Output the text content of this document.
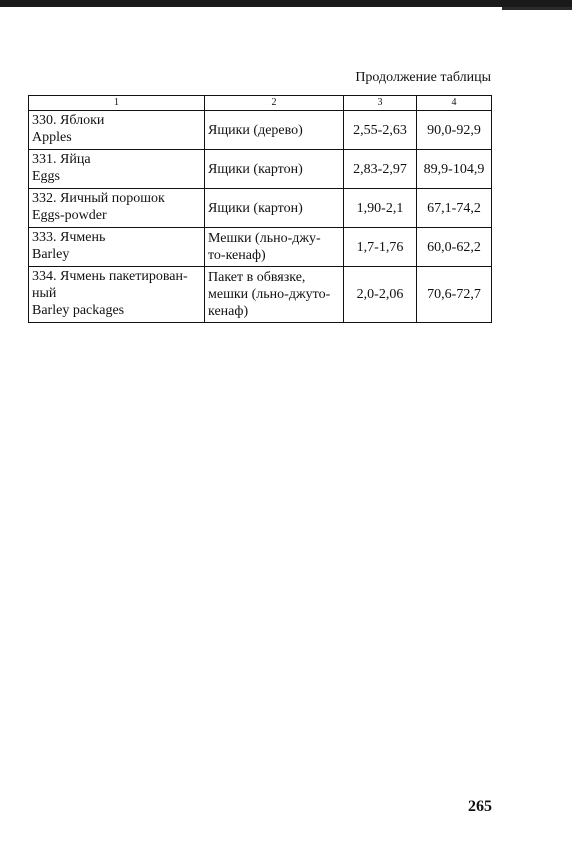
Продолжение таблицы
1	2	3	4

330. Яблоки
Apples	Ящики (дерево)	2,55-2,63	90,0-92,9

331. Яйца
Eggs	Ящики (картон)	2,83-2,97	89,9-104,9

332. Яичный порошок
Eggs-powder	Ящики (картон)	1,90-2,1	67,1-74,2

333. Ячмень
Barley	Мешки (льно-джу-
то-кенаф)	1,7-1,76	60,0-62,2

334. Ячмень пакетирован-
ный
Barley packages	Пакет в обвязке,
мешки (льно-джуто-
кенаф)	2,0-2,06	70,6-72,7
265
